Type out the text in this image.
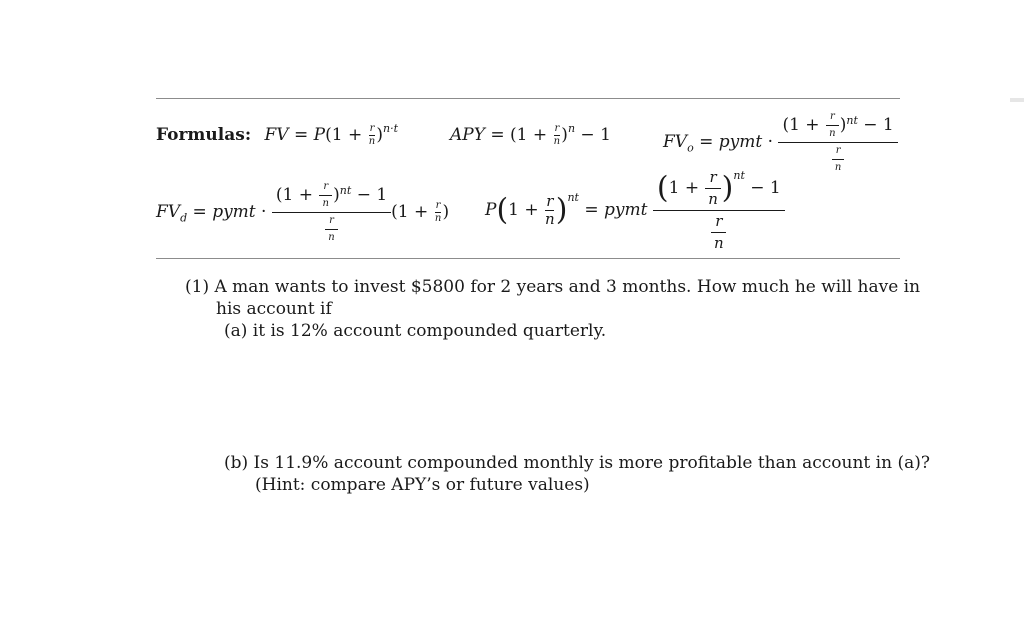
Formulas: FV = $P(1 + \frac{r}{n} )^{n\cdot t}$	APY = $(1 + \frac{r}{n} )^n - 1$	$FV_o$ = pymt · $\frac{(1 + \frac{r}{n} )^{nt} - 1}{\frac{r}{n}}$
$FV_d$ = pymt · $\frac{(1 + \frac{r}{n} )^{nt} - 1}{\frac{r}{n}} (1 + \frac{r}{n}$ ) $P(1 + \frac{r}{n} )^{nt}$ = pymt $\frac{(1 + \frac{r}{n} )^{nt} - 1}{\frac{r}{n}}$
(1) A man wants to invest $5800 for 2 years and 3 months. How much he will have in
his account if
(a) it is 12% account compounded quarterly.
(b) Is 11.9% account compounded monthly is more profitable than account in (a)?
(Hint: compare APY’s or future values)
